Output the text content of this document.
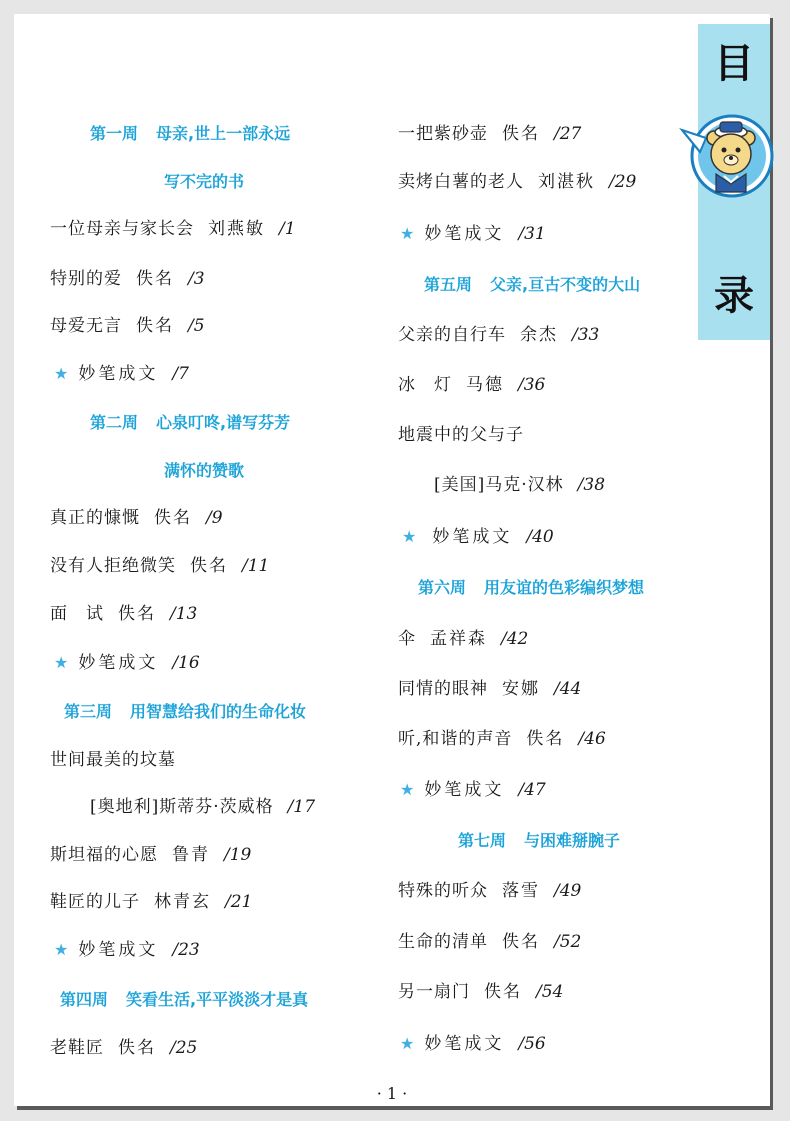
第一周 母亲,世上一部永远
写不完的书
一位母亲与家长会 刘燕敏 /1
特别的爱 佚名 /3
母爱无言 佚名 /5
★ 妙笔成文 /7
第二周 心泉叮咚,谱写芬芳
满怀的赞歌
真正的慷慨 佚名 /9
没有人拒绝微笑 佚名 /11
面　试 佚名 /13
★ 妙笔成文 /16
第三周 用智慧给我们的生命化妆
世间最美的坟墓
[奥地利]斯蒂芬·茨威格 /17
斯坦福的心愿 鲁青 /19
鞋匠的儿子 林青玄 /21
★ 妙笔成文 /23
第四周 笑看生活,平平淡淡才是真
老鞋匠 佚名 /25
一把紫砂壶 佚名 /27
卖烤白薯的老人 刘湛秋 /29
★ 妙笔成文 /31
第五周 父亲,亘古不变的大山
父亲的自行车 余杰 /33
冰　灯 马德 /36
地震中的父与子
[美国]马克·汉林 /38
★ 妙笔成文 /40
第六周 用友谊的色彩编织梦想
伞 孟祥森 /42
同情的眼神 安娜 /44
听,和谐的声音 佚名 /46
★ 妙笔成文 /47
第七周 与困难掰腕子
特殊的听众 落雪 /49
生命的清单 佚名 /52
另一扇门 佚名 /54
★ 妙笔成文 /56
目
录
· 1 ·
